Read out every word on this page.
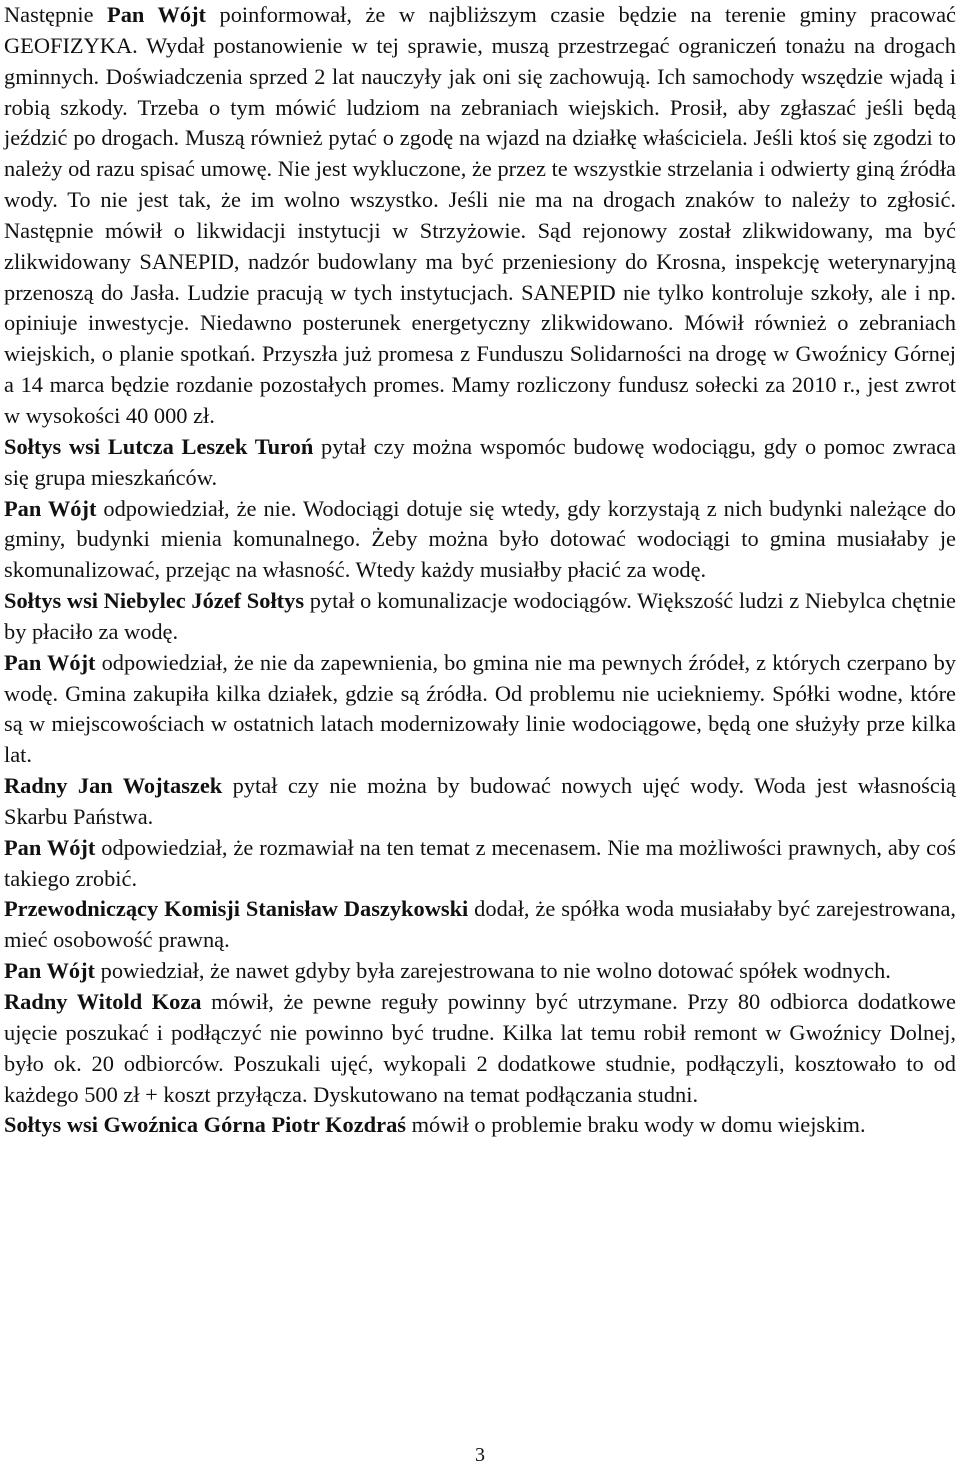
Następnie Pan Wójt poinformował, że w najbliższym czasie będzie na terenie gminy pracować GEOFIZYKA. Wydał postanowienie w tej sprawie, muszą przestrzegać ograniczeń tonażu na drogach gminnych. Doświadczenia sprzed 2 lat nauczyły jak oni się zachowują. Ich samochody wszędzie wjadą i robią szkody. Trzeba o tym mówić ludziom na zebraniach wiejskich. Prosił, aby zgłaszać jeśli będą jeździć po drogach. Muszą również pytać o zgodę na wjazd na działkę właściciela. Jeśli ktoś się zgodzi to należy od razu spisać umowę. Nie jest wykluczone, że przez te wszystkie strzelania i odwierty giną źródła wody. To nie jest tak, że im wolno wszystko. Jeśli nie ma na drogach znaków to należy to zgłosić. Następnie mówił o likwidacji instytucji w Strzyżowie. Sąd rejonowy został zlikwidowany, ma być zlikwidowany SANEPID, nadzór budowlany ma być przeniesiony do Krosna, inspekcję weterynaryjną przenoszą do Jasła. Ludzie pracują w tych instytucjach. SANEPID nie tylko kontroluje szkoły, ale i np. opiniuje inwestycje. Niedawno posterunek energetyczny zlikwidowano. Mówił również o zebraniach wiejskich, o planie spotkań. Przyszła już promesa z Funduszu Solidarności na drogę w Gwoźnicy Górnej a 14 marca będzie rozdanie pozostałych promes. Mamy rozliczony fundusz sołecki za 2010 r., jest zwrot w wysokości 40 000 zł.

Sołtys wsi Lutcza Leszek Turoń pytał czy można wspomóc budowę wodociągu, gdy o pomoc zwraca się grupa mieszkańców.

Pan Wójt odpowiedział, że nie. Wodociągi dotuje się wtedy, gdy korzystają z nich budynki należące do gminy, budynki mienia komunalnego. Żeby można było dotować wodociągi to gmina musiałaby je skomunalizować, przejąc na własność. Wtedy każdy musiałby płacić za wodę.

Sołtys wsi Niebylec Józef Sołtys pytał o komunalizacje wodociągów. Większość ludzi z Niebylca chętnie by płaciło za wodę.

Pan Wójt odpowiedział, że nie da zapewnienia, bo gmina nie ma pewnych źródeł, z których czerpano by wodę. Gmina zakupiła kilka działek, gdzie są źródła. Od problemu nie uciekniemy. Spółki wodne, które są w miejscowościach w ostatnich latach modernizowały linie wodociągowe, będą one służyły prze kilka lat.

Radny Jan Wojtaszek pytał czy nie można by budować nowych ujęć wody. Woda jest własnością Skarbu Państwa.

Pan Wójt odpowiedział, że rozmawiał na ten temat z mecenasem. Nie ma możliwości prawnych, aby coś takiego zrobić.

Przewodniczący Komisji Stanisław Daszykowski dodał, że spółka woda musiałaby być zarejestrowana, mieć osobowość prawną.

Pan Wójt powiedział, że nawet gdyby była zarejestrowana to nie wolno dotować spółek wodnych.

Radny Witold Koza mówił, że pewne reguły powinny być utrzymane. Przy 80 odbiorca dodatkowe ujęcie poszukać i podłączyć nie powinno być trudne. Kilka lat temu robił remont w Gwoźnicy Dolnej, było ok. 20 odbiorców. Poszukali ujęć, wykopali 2 dodatkowe studnie, podłączyli, kosztowało to od każdego 500 zł + koszt przyłącza. Dyskutowano na temat podłączania studni.

Sołtys wsi Gwoźnica Górna Piotr Kozdraś mówił o problemie braku wody w domu wiejskim.

3
